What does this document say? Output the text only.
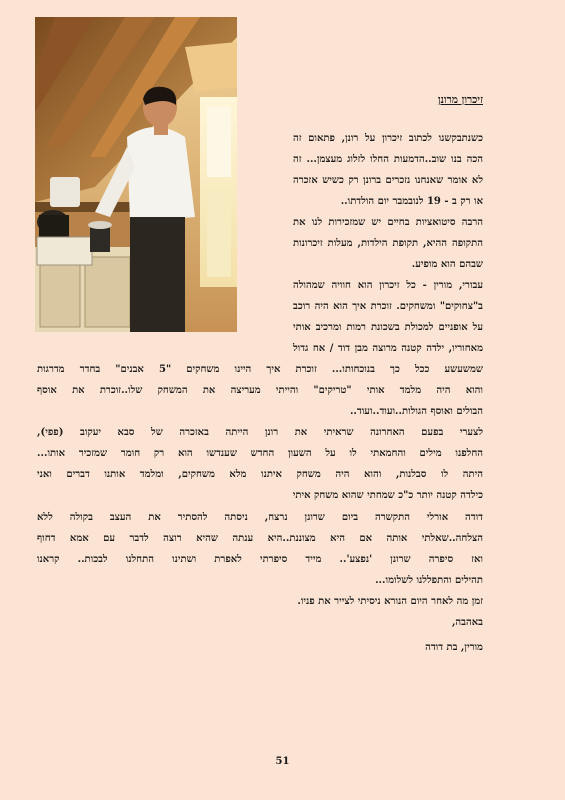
זיכרון מרונן
כשנתבקשנו לכתוב זיכרון על רונן, פתאום זה
הכה בנו שוב..הדמעות החלו לזלוג מעצמן... זה
לא אומר שאנחנו נזכרים ברונן רק כשיש אזכרה
או רק ב - 19 לנובמבר יום הולדתו..
הרבה סיטואציות בחיים יש שמזכירות לנו את
התקופה ההיא, תקופת הילדות, מעלות זיכרונות
שבהם הוא מופיע.
עבורי, מורין - כל זיכרון הוא חוויה שמהולה
ב"צחוקים" ומשחקים. זוכרת איך הוא היה רוכב
על אופניים למכולת בשכונת רמות ומרכיב אותי
מאחוריו, ילדה קטנה מרוצה מבן דוד / אח גדול
שמשעשע ככל כך בנוכחותו... זוכרת איך היינו משחקים "5 אבנים" בחדר מדרגות
והוא היה מלמד אותי "טריקים" והייתי מעריצה את המשחק שלו..זוכרת את אוסף
הבולים ואוסף הגולות..ועוד..ועוד..
לצערי בפעם האחרונה שראיתי את רונן הייתה באזכרה של סבא יעקוב (פפי),
החלפנו מילים והחמאתי לו על השעון החדש שענדשו הוא רק חומר שמזכיר אותו...
היתה לו סבלנות, והוא היה משחק איתנו מלא משחקים, ומלמד אותנו דברים ואני
כילדה קטנה יותר כ"כ שמחתי שהוא משחק איתי
דודה אורלי התקשרה ביום שרונן נרצח, ניסתה להסתיר את העצב בקולה ללא
הצלחה..שאלתי אותה אם היא מצוננת..היא ענתה שהיא רוצה לדבר עם אמא דחוף
ואז סיפרה שרונן 'נפצע'.. מייד סיפרתי לאפרת ושתינו התחלנו לבכות.. קראנו
תהילים והתפללנו לשלומו...
זמן מה לאחר היום הנורא ניסיתי לצייר את פניו.
באהבה,
מורין, בת דודה
51
